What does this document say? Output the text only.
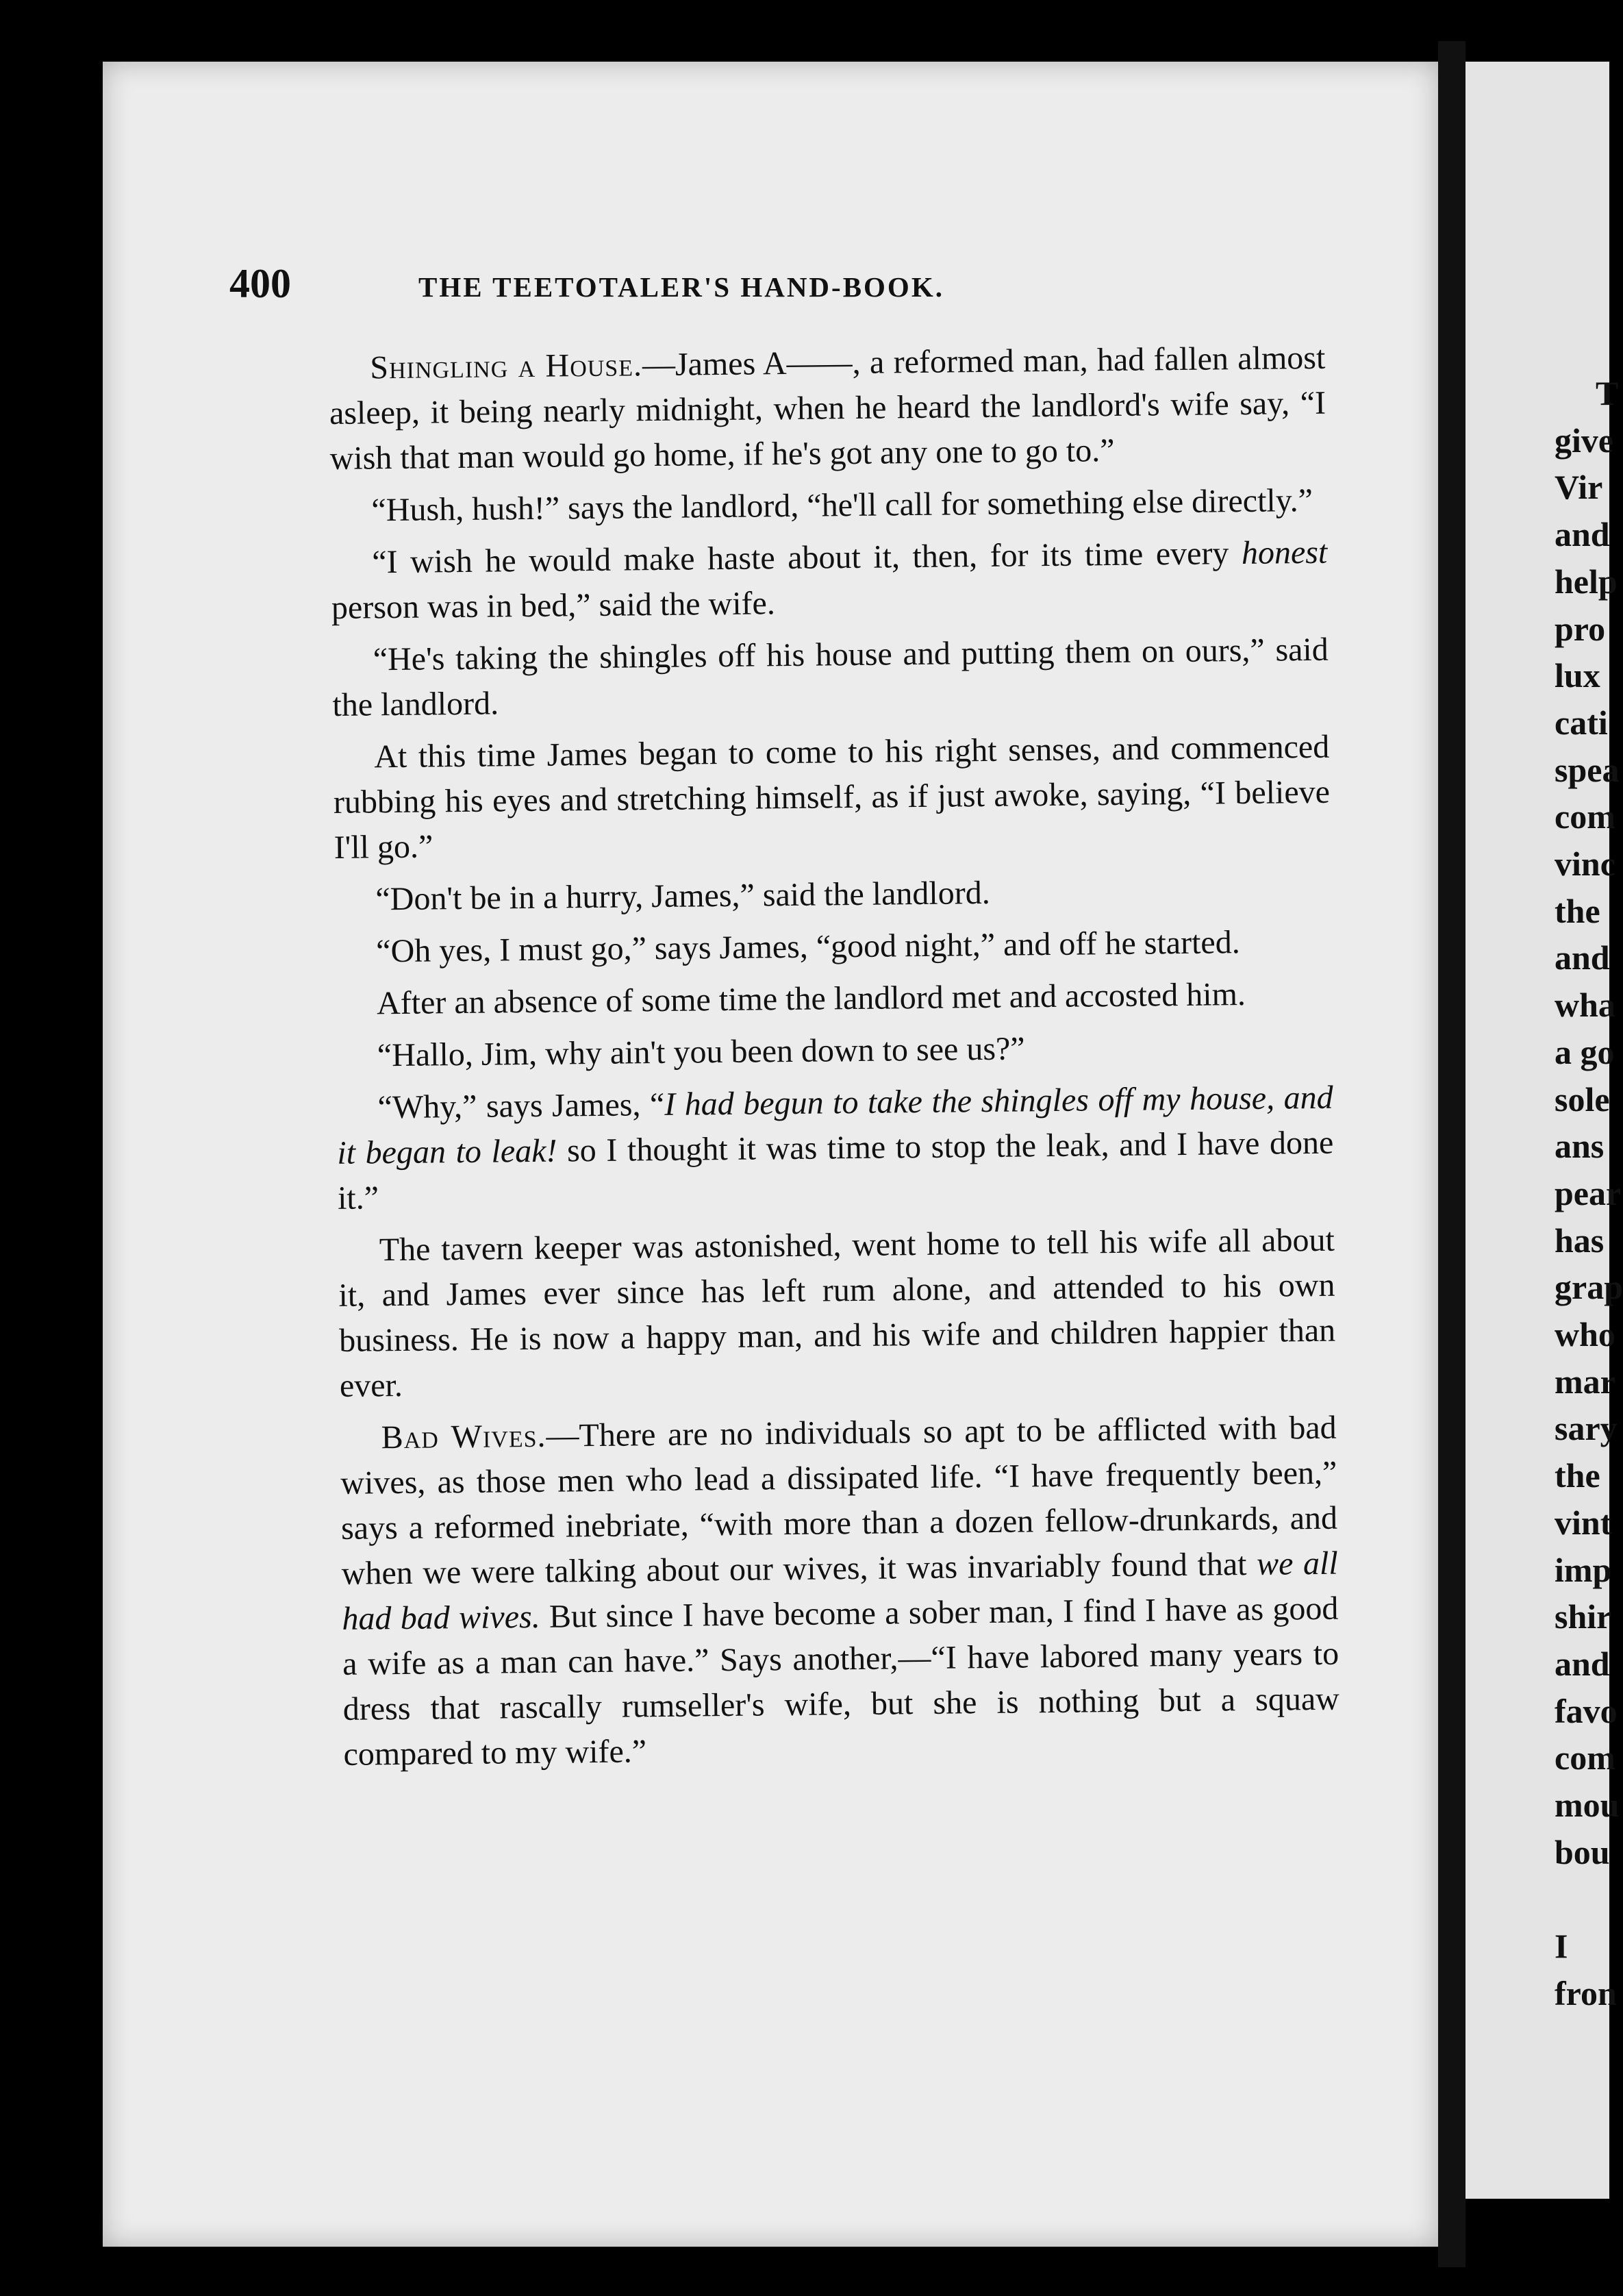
T
give
Vir
and
help
pro
lux
cati
spea
com
vinc
the
and
wha
a go
sole
ans
pear
has
grap
who
mar
sary
the
vint
imp
shir
and
favo
com
mou
bou

I
fron
400	THE TEETOTALER'S HAND-BOOK.

Shingling a House.—James A——, a reformed man, had fallen almost asleep, it being nearly midnight, when he heard the landlord's wife say, “I wish that man would go home, if he's got any one to go to.”

“Hush, hush!” says the landlord, “he'll call for something else directly.”

“I wish he would make haste about it, then, for its time every honest person was in bed,” said the wife.

“He's taking the shingles off his house and putting them on ours,” said the landlord.

At this time James began to come to his right senses, and commenced rubbing his eyes and stretching himself, as if just awoke, saying, “I believe I'll go.”

“Don't be in a hurry, James,” said the landlord.

“Oh yes, I must go,” says James, “good night,” and off he started.

After an absence of some time the landlord met and accosted him.

“Hallo, Jim, why ain't you been down to see us?”

“Why,” says James, “I had begun to take the shingles off my house, and it began to leak! so I thought it was time to stop the leak, and I have done it.”

The tavern keeper was astonished, went home to tell his wife all about it, and James ever since has left rum alone, and attended to his own business. He is now a happy man, and his wife and children happier than ever.

Bad Wives.—There are no individuals so apt to be afflicted with bad wives, as those men who lead a dissipated life. “I have frequently been,” says a reformed inebriate, “with more than a dozen fellow-drunkards, and when we were talking about our wives, it was invariably found that we all had bad wives. But since I have become a sober man, I find I have as good a wife as a man can have.” Says another,—“I have labored many years to dress that rascally rumseller's wife, but she is nothing but a squaw compared to my wife.”
